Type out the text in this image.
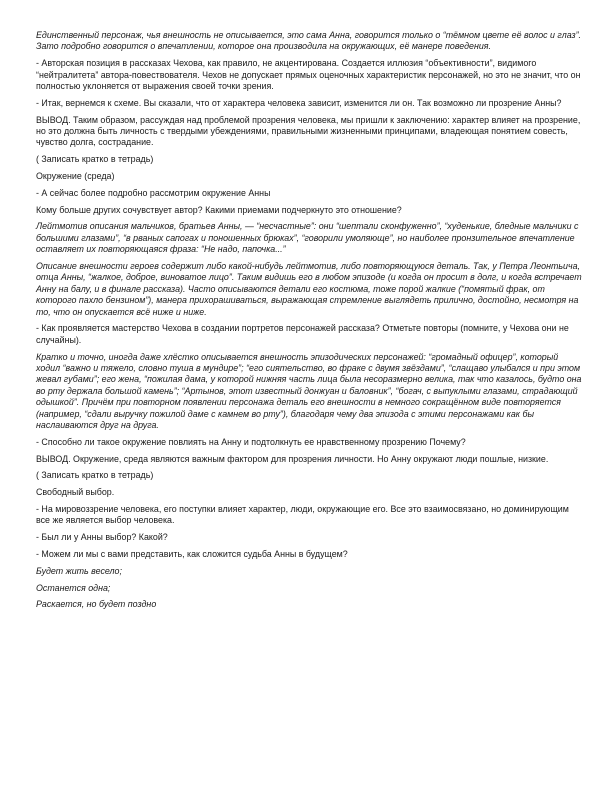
Единственный персонаж, чья внешность не описывается, это сама Анна, говорится только о “тёмном цвете её волос и глаз”. Зато подробно говорится о впечатлении, которое она производила на окружающих, её манере поведения.

- Авторская позиция в рассказах Чехова, как правило, не акцентирована. Создается иллюзия “объективности”, видимого “нейтралитета” автора-повествователя. Чехов не допускает прямых оценочных характеристик персонажей, но это не значит, что он полностью уклоняется от выражения своей точки зрения.

- Итак, вернемся к схеме. Вы сказали, что от характера человека зависит, изменится ли он. Так возможно ли прозрение Анны?

ВЫВОД. Таким образом, рассуждая над проблемой прозрения человека, мы пришли к заключению: характер влияет на прозрение, но это должна быть личность с твердыми убеждениями, правильными жизненными принципами, владеющая понятием совесть, чувство долга, сострадание.

( Записать кратко в тетрадь)

Окружение (среда)

- А сейчас более подробно рассмотрим окружение Анны

Кому больше других сочувствует автор? Какими приемами подчеркнуто это отношение?

Лейтмотив описания мальчиков, братьев Анны, — “несчастные”: они “шептали сконфуженно”, “худенькие, бледные мальчики с большими глазами”, “в рваных сапогах и поношенных брюках”, “говорили умоляюще”, но наиболее пронзительное впечатление оставляет их повторяющаяся фраза: “Не надо, папочка...”

Описание внешности героев содержит либо какой-нибудь лейтмотив, либо повторяющуюся деталь. Так, у Петра Леонтьича, отца Анны, “жалкое, доброе, виноватое лицо”. Таким видишь его в любом эпизоде (и когда он просит в долг, и когда встречает Анну на балу, и в финале рассказа). Часто описываются детали его костюма, тоже порой жалкие (“помятый фрак, от которого пахло бензином”), манера прихорашиваться, выражающая стремление выглядеть прилично, достойно, несмотря на то, что он опускается всё ниже и ниже.

- Как проявляется мастерство Чехова в создании портретов персонажей рассказа? Отметьте повторы (помните, у Чехова они не случайны).

Кратко и точно, иногда даже хлёстко описывается внешность эпизодических персонажей: “громадный офицер”, который ходил “важно и тяжело, словно туша в мундире”; “его сиятельство, во фраке с двумя звёздами”, “слащаво улыбался и при этом жевал губами”; его жена, “пожилая дама, у которой нижняя часть лица была несоразмерно велика, так что казалось, будто она во рту держала большой камень”; “Артынов, этот известный донжуан и баловник”, “богач, с выпуклыми глазами, страдающий одышкой”. Причём при повторном появлении персонажа деталь его внешности в немного сокращённом виде повторяется (например, “сдали выручку пожилой даме с камнем во рту”), благодаря чему два эпизода с этими персонажами как бы наслаиваются друг на друга.

- Способно ли такое окружение повлиять на Анну и подтолкнуть ее нравственному прозрению Почему?

ВЫВОД. Окружение, среда являются важным фактором для прозрения личности. Но Анну окружают люди пошлые, низкие.

( Записать кратко в тетрадь)

Свободный выбор.

- На мировоззрение человека, его поступки влияет характер, люди, окружающие его. Все это взаимосвязано, но доминирующим все же является выбор человека.

- Был ли у Анны выбор? Какой?

- Можем ли мы с вами представить, как сложится судьба Анны в будущем?

Будет жить весело;

Останется одна;

Раскается, но будет поздно
